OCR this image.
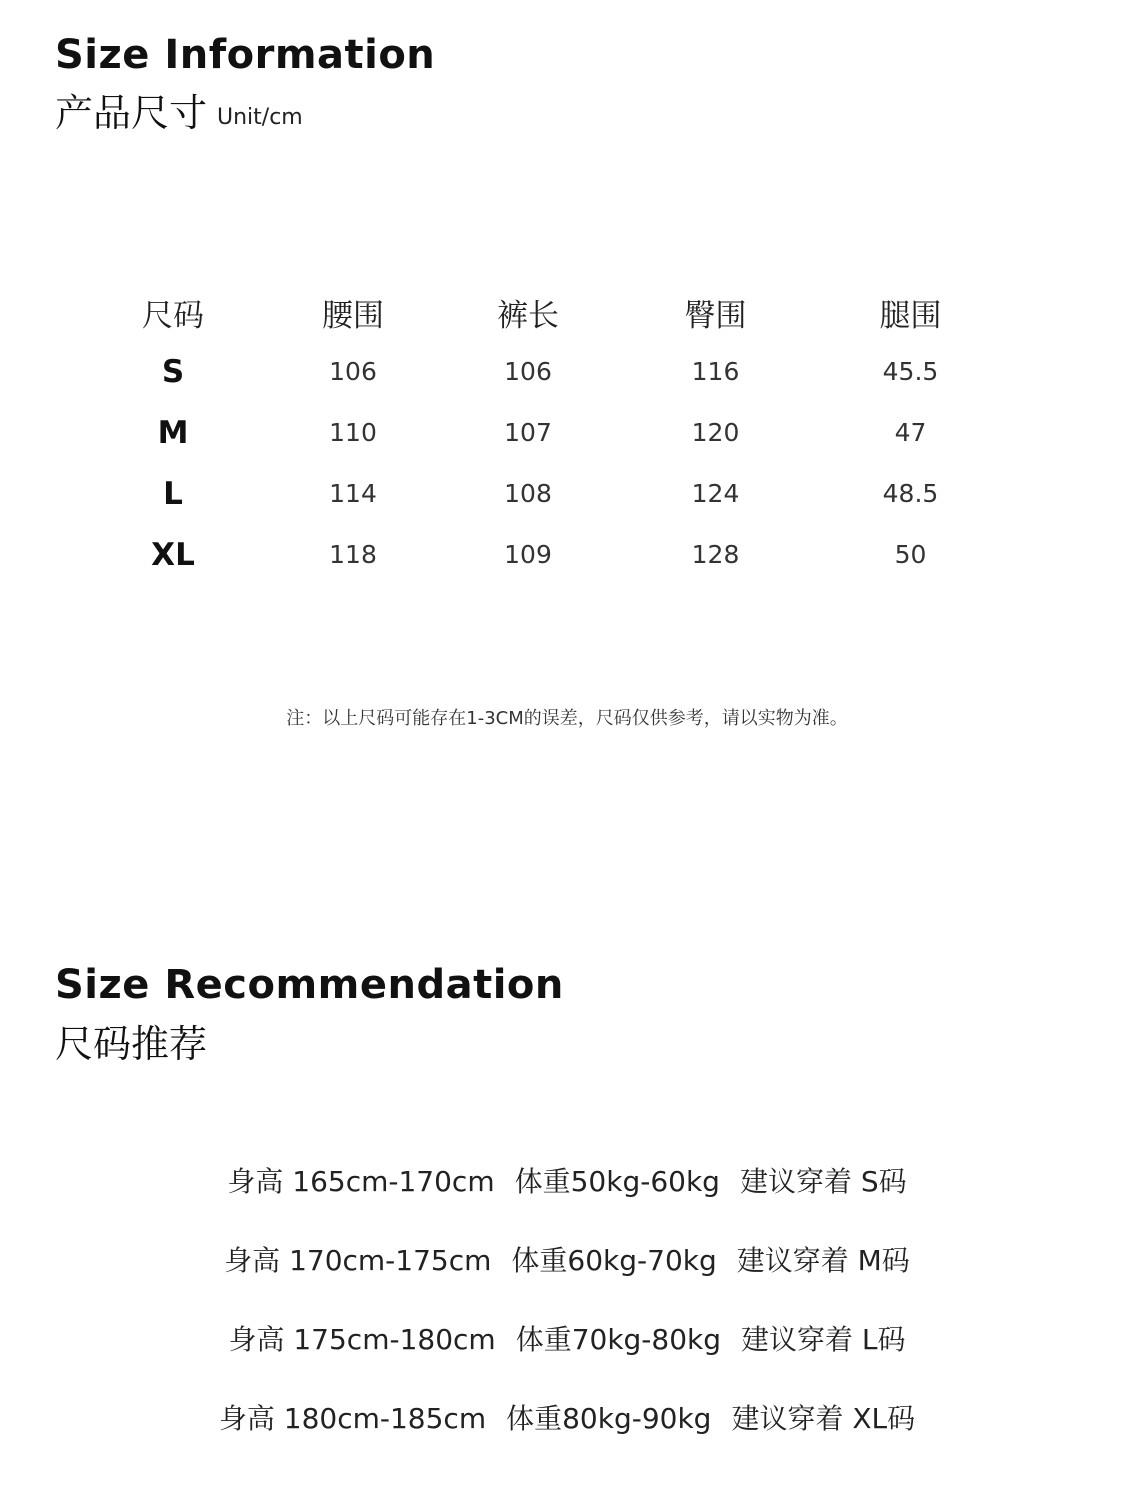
Size Information
产品尺寸 Unit/cm
尺码	腰围	裤长	臀围	腿围
S	106	106	116	45.5
M	110	107	120	47
L	114	108	124	48.5
XL	118	109	128	50
注：以上尺码可能存在1-3CM的误差，尺码仅供参考，请以实物为准。
Size Recommendation
尺码推荐
身高 165cm-170cm 体重50kg-60kg 建议穿着 S码
身高 170cm-175cm 体重60kg-70kg 建议穿着 M码
身高 175cm-180cm 体重70kg-80kg 建议穿着 L码
身高 180cm-185cm 体重80kg-90kg 建议穿着 XL码
